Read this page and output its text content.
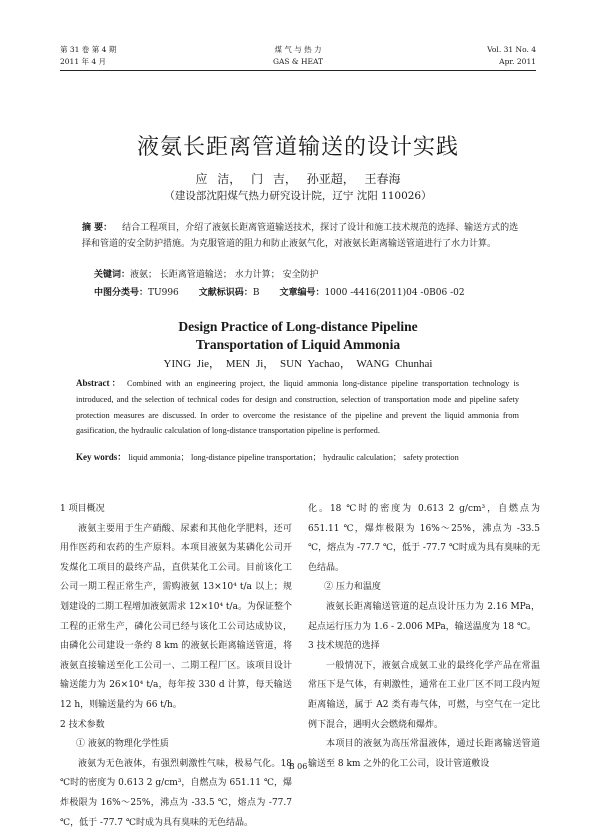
第 31 卷 第 4 期
2011 年 4 月
煤 气 与 热 力
GAS & HEAT
Vol. 31 No. 4
Apr. 2011
液氨长距离管道输送的设计实践
应 洁， 门 吉， 孙亚超， 王春海
（建设部沈阳煤气热力研究设计院，辽宁 沈阳 110026）
摘 要： 结合工程项目，介绍了液氨长距离管道输送技术，探讨了设计和施工技术规范的选择、输送方式的选择和管道的安全防护措施。为克服管道的阻力和防止液氨气化，对液氨长距离输送管道进行了水力计算。
关键词：液氨； 长距离管道输送； 水力计算； 安全防护
中图分类号：TU996 文献标识码：B 文章编号：1000 -4416(2011)04 -0B06 -02
Design Practice of Long-distance Pipeline
Transportation of Liquid Ammonia
YING Jie， MEN Ji， SUN Yachao， WANG Chunhai
Abstract： Combined with an engineering project, the liquid ammonia long-distance pipeline transportation technology is introduced, and the selection of technical codes for design and construction, selection of transportation mode and pipeline safety protection measures are discussed. In order to overcome the resistance of the pipeline and prevent the liquid ammonia from gasification, the hydraulic calculation of long-distance transportation pipeline is performed.
Key words： liquid ammonia； long-distance pipeline transportation； hydraulic calculation； safety protection
1 项目概况
液氨主要用于生产硝酸、尿素和其他化学肥料，还可用作医药和农药的生产原料。本项目液氨为某磷化公司开发煤化工项目的最终产品，直供某化工公司。目前该化工公司一期工程正常生产，需购液氨 13×10⁴ t/a 以上；规划建设的二期工程增加液氨需求 12×10⁴ t/a。为保证整个工程的正常生产，磷化公司已经与该化工公司达成协议，由磷化公司建设一条约 8 km 的液氨长距离输送管道，将液氨直接输送至化工公司一、二期工程厂区。该项目设计输送能力为 26×10⁴ t/a，每年按 330 d 计算，每天输送 12 h，则输送量约为 66 t/h。
2 技术参数
① 液氨的物理化学性质
液氨为无色液体，有强烈刺激性气味，极易气化。18 ℃时的密度为 0.613 2 g/cm³，自燃点为 651.11 ℃，爆炸极限为 16%～25%，沸点为 -33.5 ℃，熔点为 -77.7 ℃，低于 -77.7 ℃时成为具有臭味的无色结晶。
化。18 ℃时的密度为 0.613 2 g/cm³，自燃点为 651.11 ℃，爆炸极限为 16%～25%，沸点为 -33.5 ℃，熔点为 -77.7 ℃，低于 -77.7 ℃时成为具有臭味的无色结晶。
② 压力和温度
液氨长距离输送管道的起点设计压力为 2.16 MPa，起点运行压力为 1.6 - 2.006 MPa，输送温度为 18 ℃。
3 技术规范的选择
一般情况下，液氨合成氨工业的最终化学产品在常温常压下是气体，有刺激性，通常在工业厂区不同工段内短距离输送，属于 A2 类有毒气体，可燃，与空气在一定比例下混合，遇明火会燃烧和爆炸。
本项目的液氨为高压常温液体，通过长距离输送管道输送至 8 km 之外的化工公司，设计管道敷设
· B 06 ·
